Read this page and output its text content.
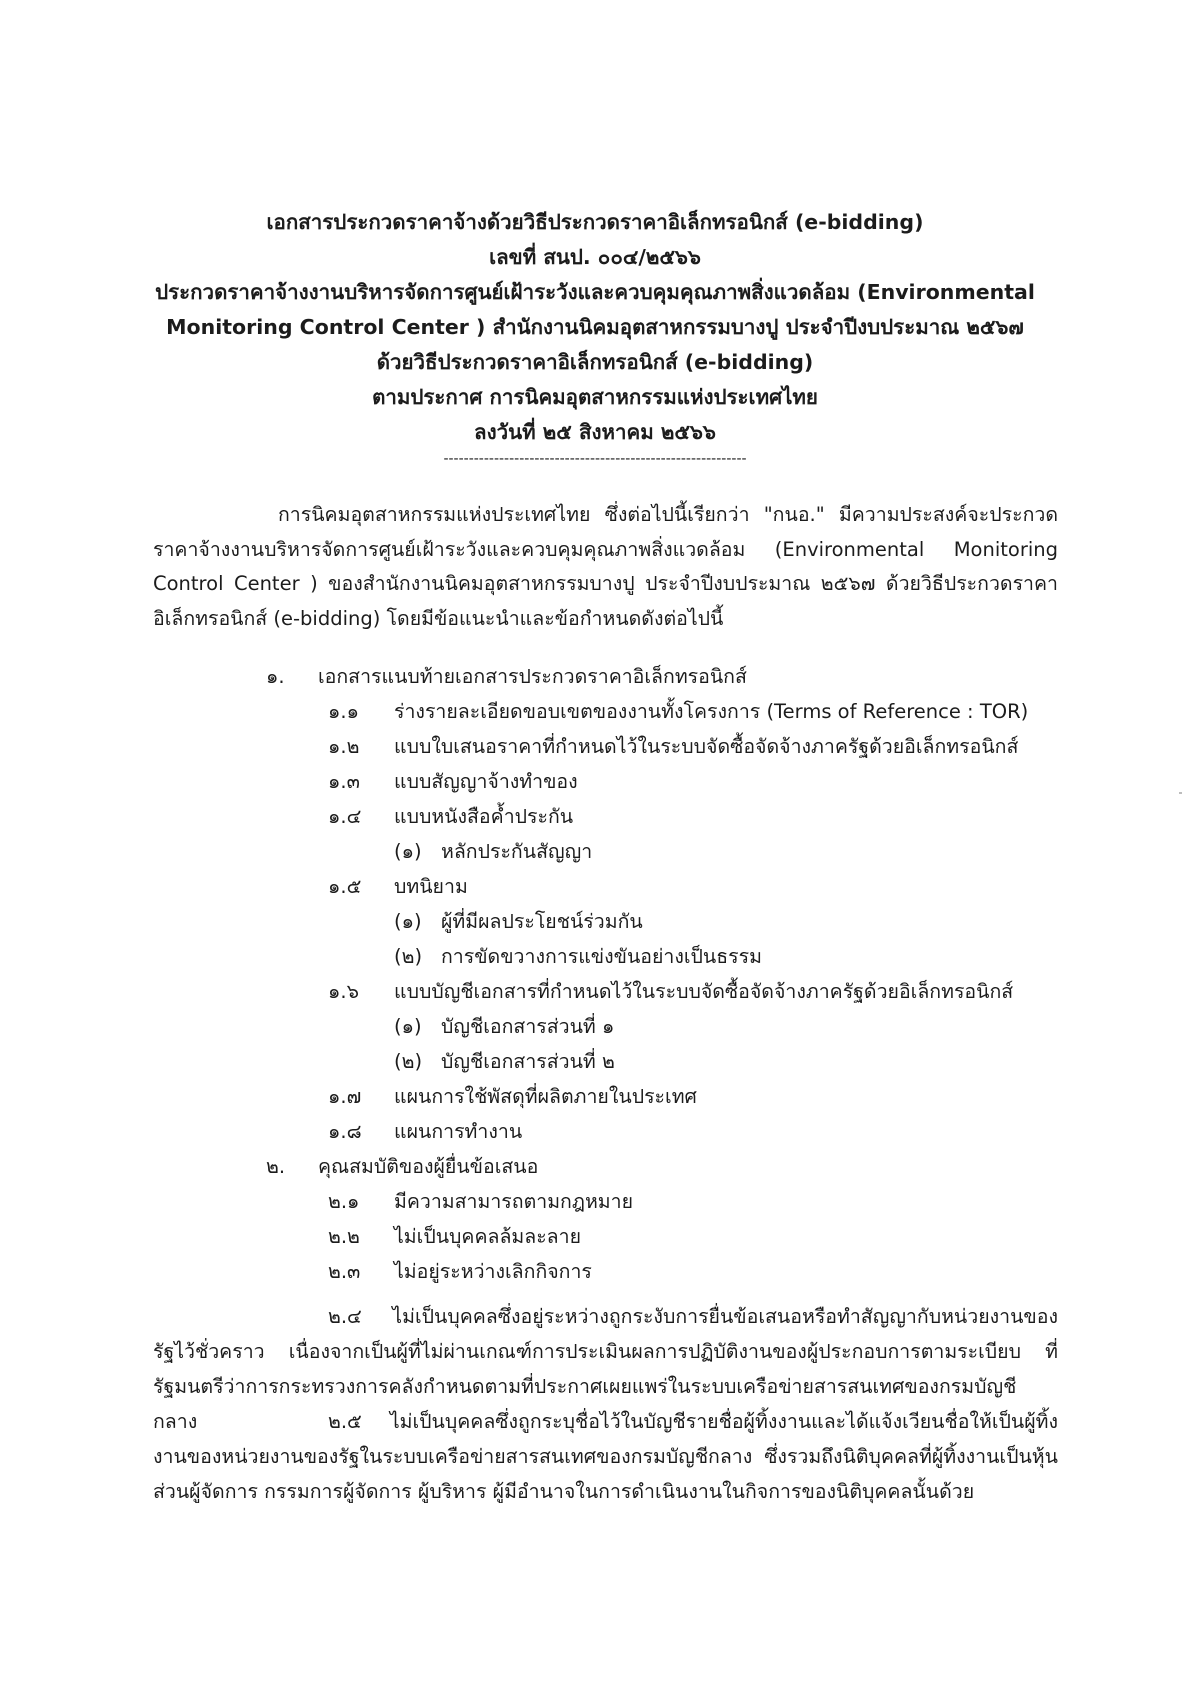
เอกสารประกวดราคาจ้างด้วยวิธีประกวดราคาอิเล็กทรอนิกส์ (e-bidding)
เลขที่ สนป. ๐๐๔/๒๕๖๖
ประกวดราคาจ้างงานบริหารจัดการศูนย์เฝ้าระวังและควบคุมคุณภาพสิ่งแวดล้อม (Environmental
Monitoring Control Center ) สำนักงานนิคมอุตสาหกรรมบางปู ประจำปีงบประมาณ ๒๕๖๗
ด้วยวิธีประกวดราคาอิเล็กทรอนิกส์ (e-bidding)
ตามประกาศ การนิคมอุตสาหกรรมแห่งประเทศไทย
ลงวันที่ ๒๕ สิงหาคม ๒๕๖๖
------------------------------------------------------------

การนิคมอุตสาหกรรมแห่งประเทศไทย ซึ่งต่อไปนี้เรียกว่า "กนอ." มีความประสงค์จะประกวดราคาจ้างงานบริหารจัดการศูนย์เฝ้าระวังและควบคุมคุณภาพสิ่งแวดล้อม (Environmental Monitoring Control Center ) ของสำนักงานนิคมอุตสาหกรรมบางปู ประจำปีงบประมาณ ๒๕๖๗ ด้วยวิธีประกวดราคาอิเล็กทรอนิกส์ (e-bidding) โดยมีข้อแนะนำและข้อกำหนดดังต่อไปนี้

๑. เอกสารแนบท้ายเอกสารประกวดราคาอิเล็กทรอนิกส์
๑.๑ ร่างรายละเอียดขอบเขตของงานทั้งโครงการ (Terms of Reference : TOR)
๑.๒ แบบใบเสนอราคาที่กำหนดไว้ในระบบจัดซื้อจัดจ้างภาครัฐด้วยอิเล็กทรอนิกส์
๑.๓ แบบสัญญาจ้างทำของ
๑.๔ แบบหนังสือค้ำประกัน
(๑) หลักประกันสัญญา
๑.๕ บทนิยาม
(๑) ผู้ที่มีผลประโยชน์ร่วมกัน
(๒) การขัดขวางการแข่งขันอย่างเป็นธรรม
๑.๖ แบบบัญชีเอกสารที่กำหนดไว้ในระบบจัดซื้อจัดจ้างภาครัฐด้วยอิเล็กทรอนิกส์
(๑) บัญชีเอกสารส่วนที่ ๑
(๒) บัญชีเอกสารส่วนที่ ๒
๑.๗ แผนการใช้พัสดุที่ผลิตภายในประเทศ
๑.๘ แผนการทำงาน
๒. คุณสมบัติของผู้ยื่นข้อเสนอ
๒.๑ มีความสามารถตามกฎหมาย
๒.๒ ไม่เป็นบุคคลล้มละลาย
๒.๓ ไม่อยู่ระหว่างเลิกกิจการ
๒.๔ ไม่เป็นบุคคลซึ่งอยู่ระหว่างถูกระงับการยื่นข้อเสนอหรือทำสัญญากับหน่วยงานของรัฐไว้ชั่วคราว เนื่องจากเป็นผู้ที่ไม่ผ่านเกณฑ์การประเมินผลการปฏิบัติงานของผู้ประกอบการตามระเบียบ ที่รัฐมนตรีว่าการกระทรวงการคลังกำหนดตามที่ประกาศเผยแพร่ในระบบเครือข่ายสารสนเทศของกรมบัญชีกลาง	๒.๕ ไม่เป็นบุคคลซึ่งถูกระบุชื่อไว้ในบัญชีรายชื่อผู้ทิ้งงานและได้แจ้งเวียนชื่อให้เป็นผู้ทิ้งงานของหน่วยงานของรัฐในระบบเครือข่ายสารสนเทศของกรมบัญชีกลาง ซึ่งรวมถึงนิติบุคคลที่ผู้ทิ้งงานเป็นหุ้นส่วนผู้จัดการ กรรมการผู้จัดการ ผู้บริหาร ผู้มีอำนาจในการดำเนินงานในกิจการของนิติบุคคลนั้นด้วย
